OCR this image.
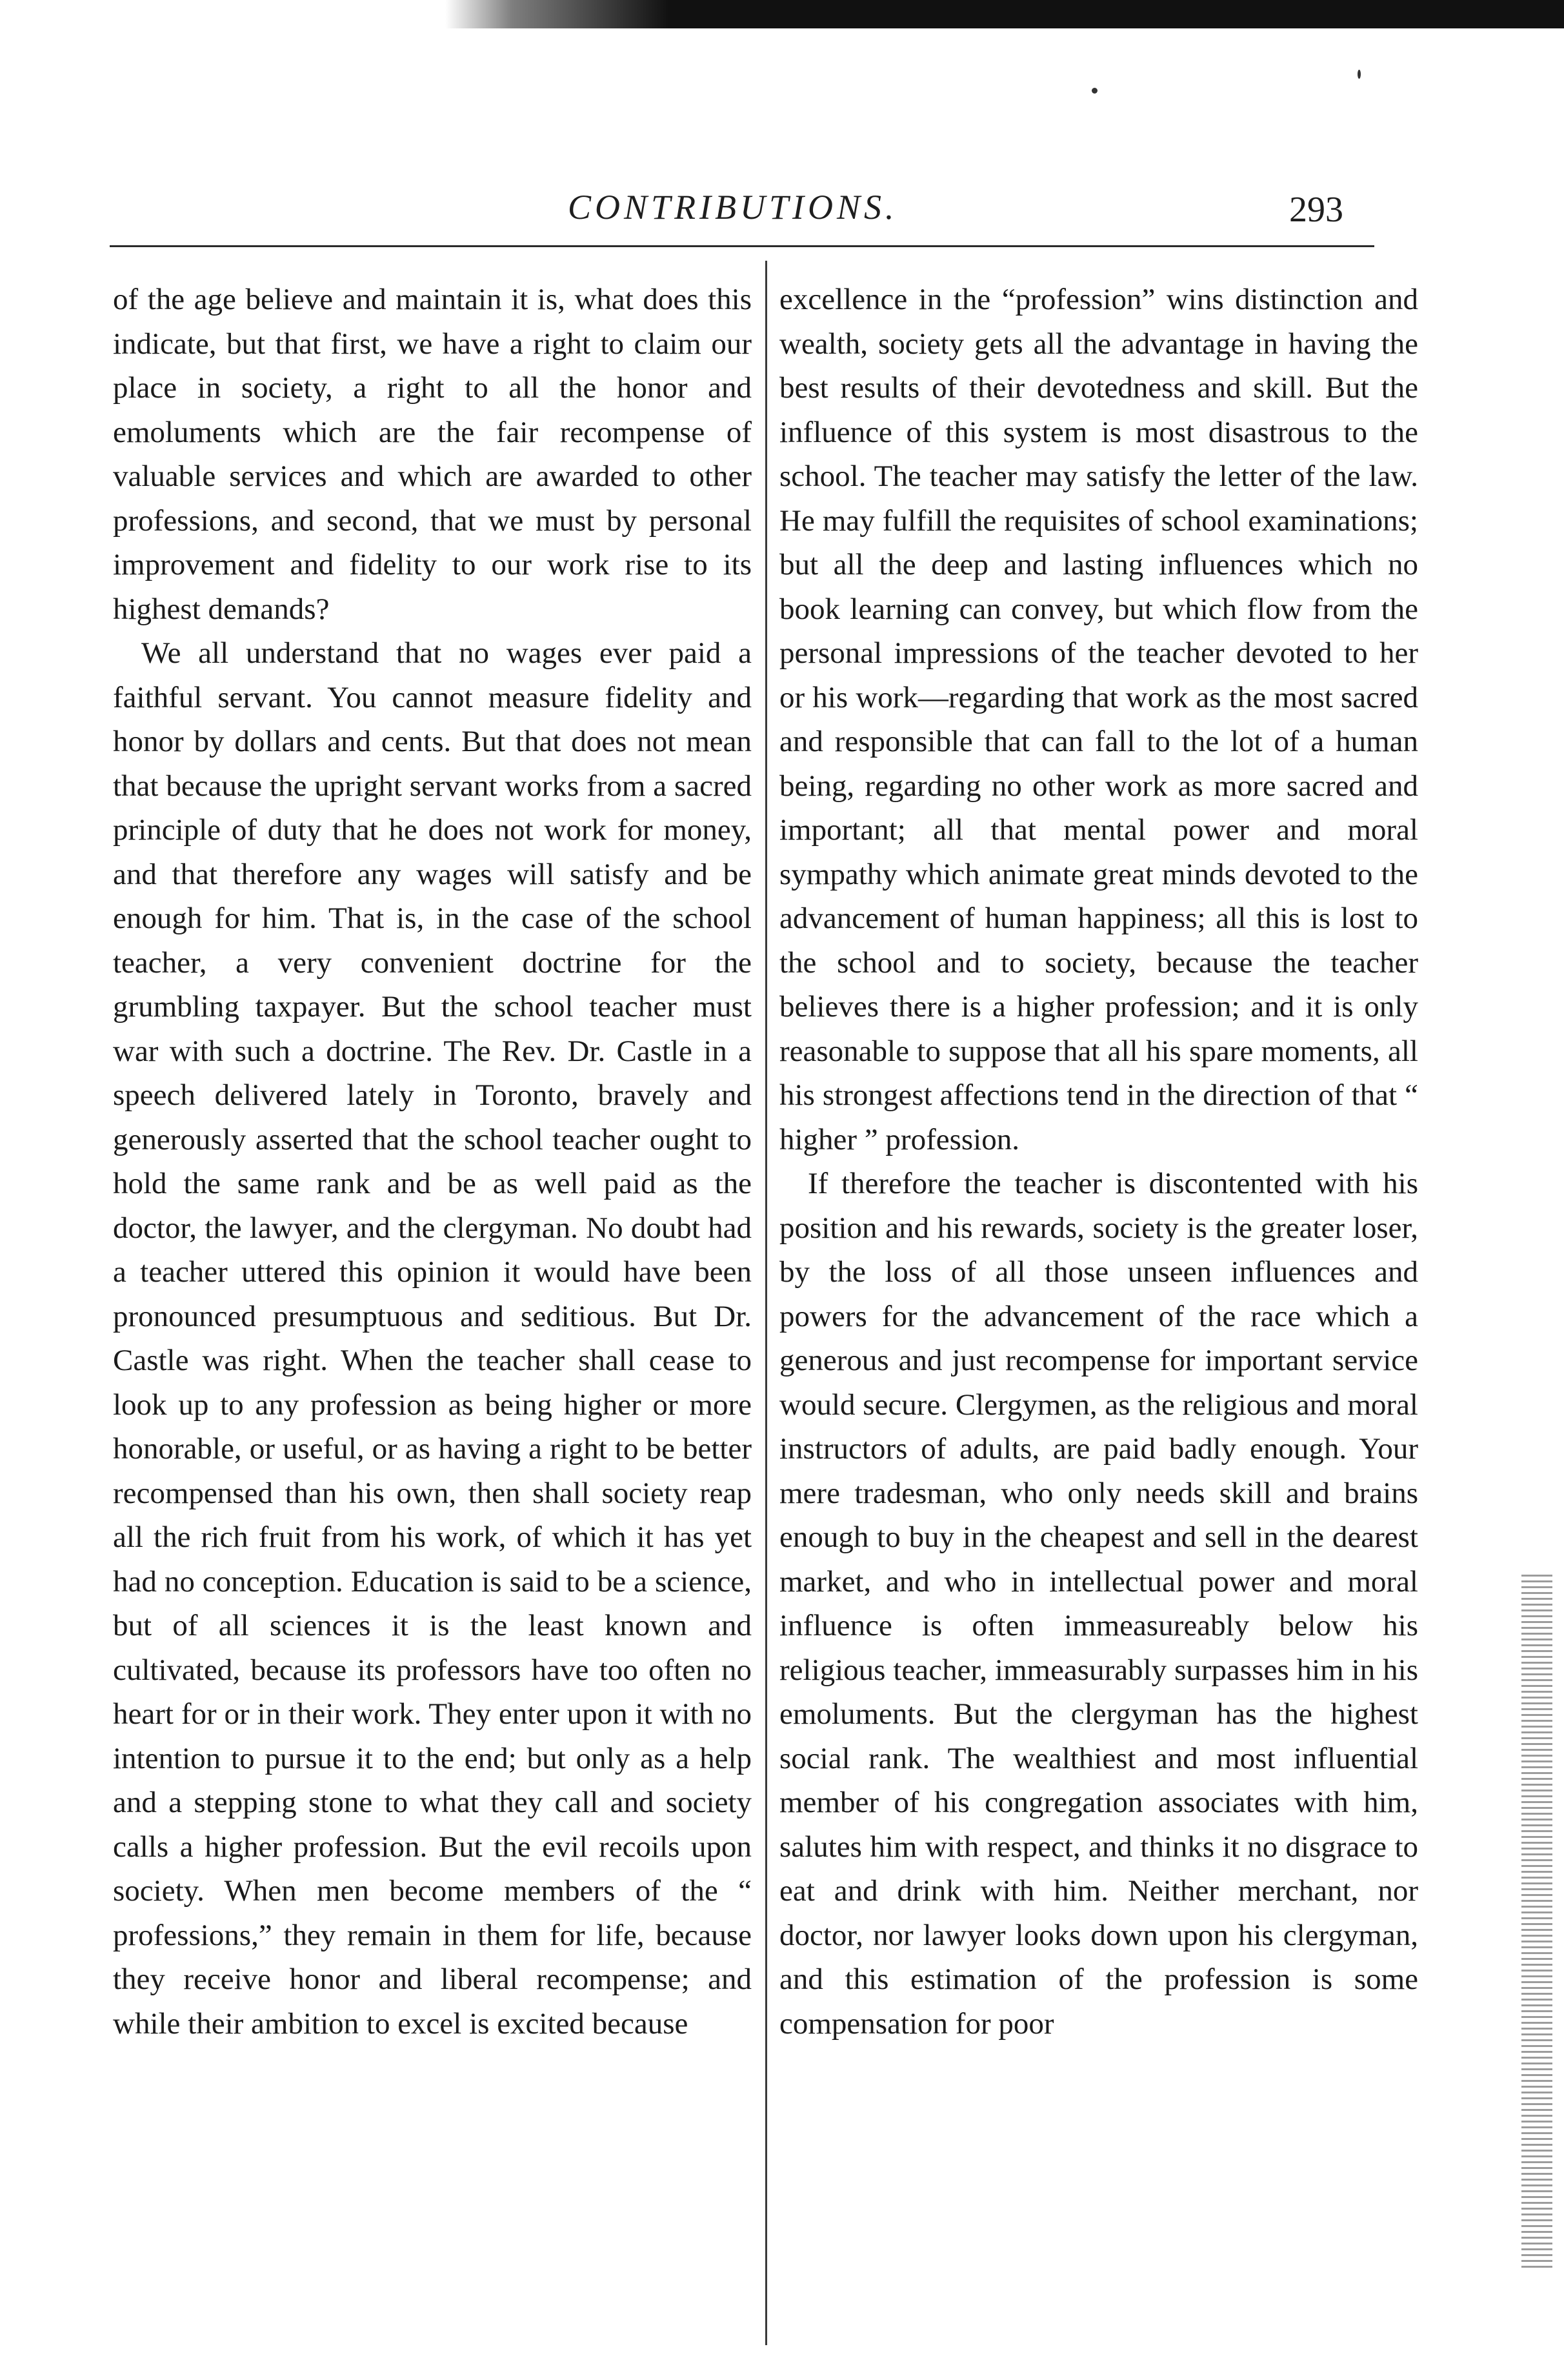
CONTRIBUTIONS.	293

of the age believe and maintain it is, what does this indicate, but that first, we have a right to claim our place in society, a right to all the honor and emoluments which are the fair recompense of valuable services and which are awarded to other professions, and second, that we must by personal improvement and fidelity to our work rise to its highest demands?

We all understand that no wages ever paid a faithful servant. You cannot measure fidelity and honor by dollars and cents. But that does not mean that because the upright servant works from a sacred principle of duty that he does not work for money, and that therefore any wages will satisfy and be enough for him. That is, in the case of the school teacher, a very convenient doctrine for the grumbling taxpayer. But the school teacher must war with such a doctrine. The Rev. Dr. Castle in a speech delivered lately in Toronto, bravely and generously asserted that the school teacher ought to hold the same rank and be as well paid as the doctor, the lawyer, and the clergyman. No doubt had a teacher uttered this opinion it would have been pronounced presumptuous and seditious. But Dr. Castle was right. When the teacher shall cease to look up to any profession as being higher or more honorable, or useful, or as having a right to be better recompensed than his own, then shall society reap all the rich fruit from his work, of which it has yet had no conception. Education is said to be a science, but of all sciences it is the least known and cultivated, because its professors have too often no heart for or in their work. They enter upon it with no intention to pursue it to the end; but only as a help and a stepping stone to what they call and society calls a higher profession. But the evil recoils upon society. When men become members of the “ professions,” they remain in them for life, because they receive honor and liberal recompense; and while their ambition to excel is excited because

excellence in the “profession” wins distinction and wealth, society gets all the advantage in having the best results of their devotedness and skill. But the influence of this system is most disastrous to the school. The teacher may satisfy the letter of the law. He may fulfill the requisites of school examinations; but all the deep and lasting influences which no book learning can convey, but which flow from the personal impressions of the teacher devoted to her or his work—regarding that work as the most sacred and responsible that can fall to the lot of a human being, regarding no other work as more sacred and important; all that mental power and moral sympathy which animate great minds devoted to the advancement of human happiness; all this is lost to the school and to society, because the teacher believes there is a higher profession; and it is only reasonable to suppose that all his spare moments, all his strongest affections tend in the direction of that “ higher ” profession.

If therefore the teacher is discontented with his position and his rewards, society is the greater loser, by the loss of all those unseen influences and powers for the advancement of the race which a generous and just recompense for important service would secure. Clergymen, as the religious and moral instructors of adults, are paid badly enough. Your mere tradesman, who only needs skill and brains enough to buy in the cheapest and sell in the dearest market, and who in intellectual power and moral influence is often immeasureably below his religious teacher, immeasurably surpasses him in his emoluments. But the clergyman has the highest social rank. The wealthiest and most influential member of his congregation associates with him, salutes him with respect, and thinks it no disgrace to eat and drink with him. Neither merchant, nor doctor, nor lawyer looks down upon his clergyman, and this estimation of the profession is some compensation for poor
